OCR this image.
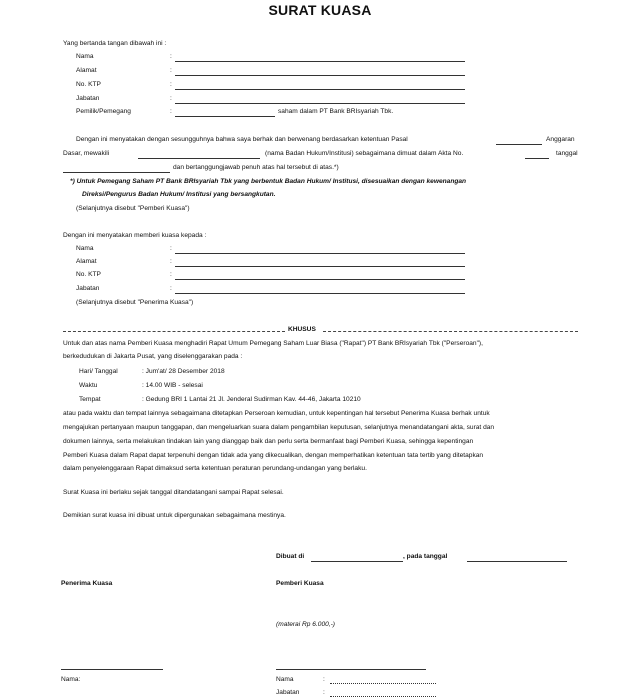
SURAT KUASA
Yang bertanda tangan dibawah ini :
Nama	:
Alamat	:
No. KTP	:
Jabatan	:
Pemilik/Pemegang	:	saham dalam PT Bank BRIsyariah Tbk.
Dengan ini menyatakan dengan sesungguhnya bahwa saya berhak dan berwenang berdasarkan ketentuan Pasal	Anggaran
Dasar, mewakili	(nama Badan Hukum/Institusi) sebagaimana dimuat dalam Akta No.	tanggal
dan bertanggungjawab penuh atas hal tersebut di atas.*)
*) Untuk Pemegang Saham PT Bank BRIsyariah Tbk yang berbentuk Badan Hukum/ Institusi, disesuaikan dengan kewenangan
Direksi/Pengurus Badan Hukum/ Institusi yang bersangkutan.
(Selanjutnya disebut "Pemberi Kuasa")
Dengan ini menyatakan memberi kuasa kepada :
Nama	:
Alamat	:
No. KTP	:
Jabatan	:
(Selanjutnya disebut "Penerima Kuasa")
KHUSUS
Untuk dan atas nama Pemberi Kuasa menghadiri Rapat Umum Pemegang Saham Luar Biasa ("Rapat") PT Bank BRIsyariah Tbk ("Perseroan"),
berkedudukan di Jakarta Pusat, yang diselenggarakan pada :
Hari/ Tanggal	: Jum'at/ 28 Desember 2018
Waktu	: 14.00 WIB - selesai
Tempat	: Gedung BRI 1 Lantai 21 Jl. Jenderal Sudirman Kav. 44-46, Jakarta 10210
atau pada waktu dan tempat lainnya sebagaimana ditetapkan Perseroan kemudian, untuk kepentingan hal tersebut Penerima Kuasa berhak untuk
mengajukan pertanyaan maupun tanggapan, dan mengeluarkan suara dalam pengambilan keputusan, selanjutnya menandatangani akta, surat dan
dokumen lainnya, serta melakukan tindakan lain yang dianggap baik dan perlu serta bermanfaat bagi Pemberi Kuasa, sehingga kepentingan
Pemberi Kuasa dalam Rapat dapat terpenuhi dengan tidak ada yang dikecualikan, dengan memperhatikan ketentuan tata tertib yang ditetapkan
dalam penyelenggaraan Rapat dimaksud serta ketentuan peraturan perundang-undangan yang berlaku.
Surat Kuasa ini berlaku sejak tanggal ditandatangani sampai Rapat selesai.
Demikian surat kuasa ini dibuat untuk dipergunakan sebagaimana mestinya.
Dibuat di	, pada tanggal
Penerima Kuasa	Pemberi Kuasa
(materai Rp 6.000,-)
Nama:	Nama	:
Jabatan	:
